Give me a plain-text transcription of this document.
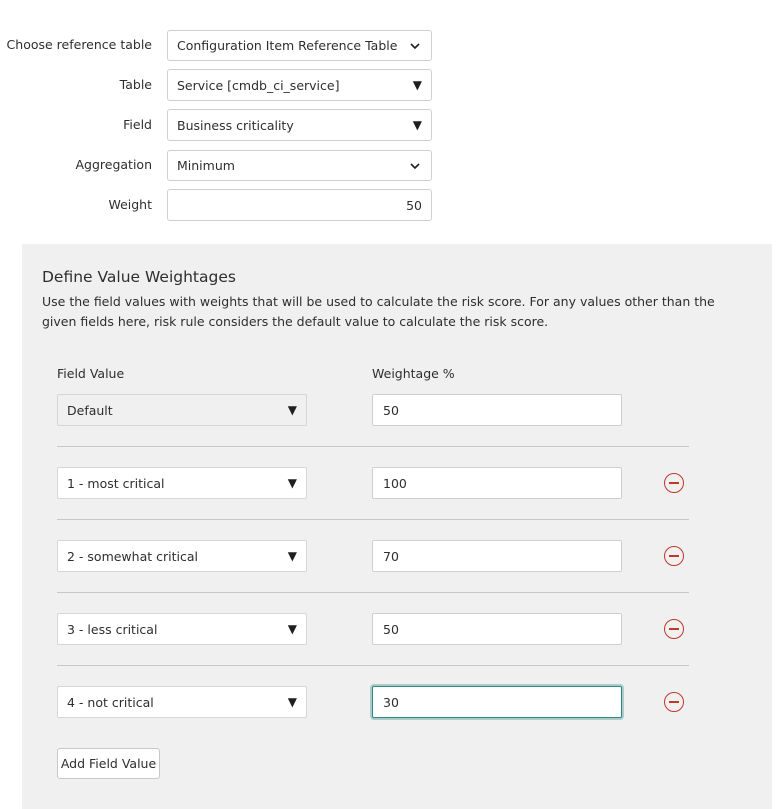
Choose reference table Configuration Item Reference Table
Table Service [cmdb_ci_service]	▼
Field Business criticality	▼
Aggregation Minimum
Weight	50
Define Value Weightages
Use the field values with weights that will be used to calculate the risk score. For any values other than the given fields here, risk rule considers the default value to calculate the risk score.
Field Value	Weightage %
Default	▼	50
1 - most critical	▼	100
2 - somewhat critical	▼	70
3 - less critical	▼	50
4 - not critical	▼	30
Add Field Value
